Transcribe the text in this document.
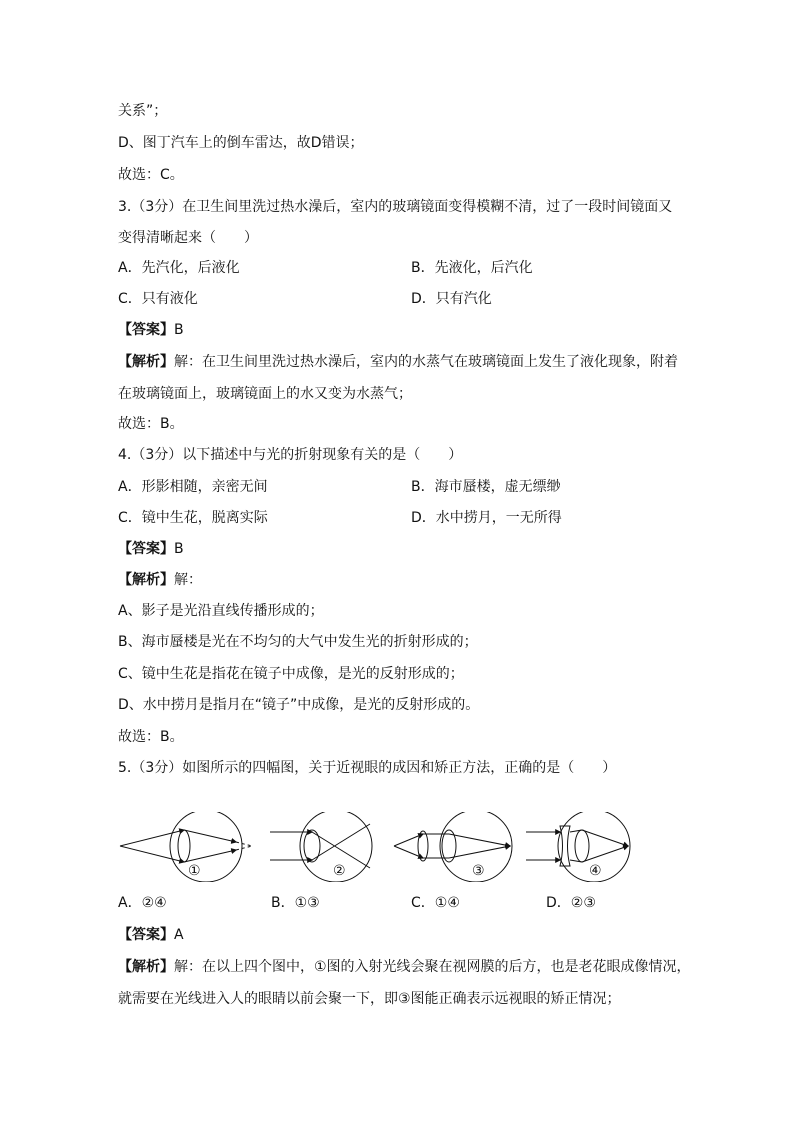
关系”；
D、图丁汽车上的倒车雷达，故D错误；
故选：C。
3.（3分）在卫生间里洗过热水澡后，室内的玻璃镜面变得模糊不清，过了一段时间镜面又
变得清晰起来（　　）
A．先汽化，后液化	B．先液化，后汽化
C．只有液化	D．只有汽化
【答案】B
【解析】解：在卫生间里洗过热水澡后，室内的水蒸气在玻璃镜面上发生了液化现象，附着
在玻璃镜面上，玻璃镜面上的水又变为水蒸气；
故选：B。
4.（3分）以下描述中与光的折射现象有关的是（　　）
A．形影相随，亲密无间	B．海市蜃楼，虚无缥缈
C．镜中生花，脱离实际	D．水中捞月，一无所得
【答案】B
【解析】解：
A、影子是光沿直线传播形成的；
B、海市蜃楼是光在不均匀的大气中发生光的折射形成的；
C、镜中生花是指花在镜子中成像，是光的反射形成的；
D、水中捞月是指月在“镜子”中成像，是光的反射形成的。
故选：B。
5.（3分）如图所示的四幅图，关于近视眼的成因和矫正方法，正确的是（　　）
①	②	③	④
A．②④	B．①③	C．①④	D．②③
【答案】A
【解析】解：在以上四个图中，①图的入射光线会聚在视网膜的后方，也是老花眼成像情况，
就需要在光线进入人的眼睛以前会聚一下，即③图能正确表示远视眼的矫正情况；
